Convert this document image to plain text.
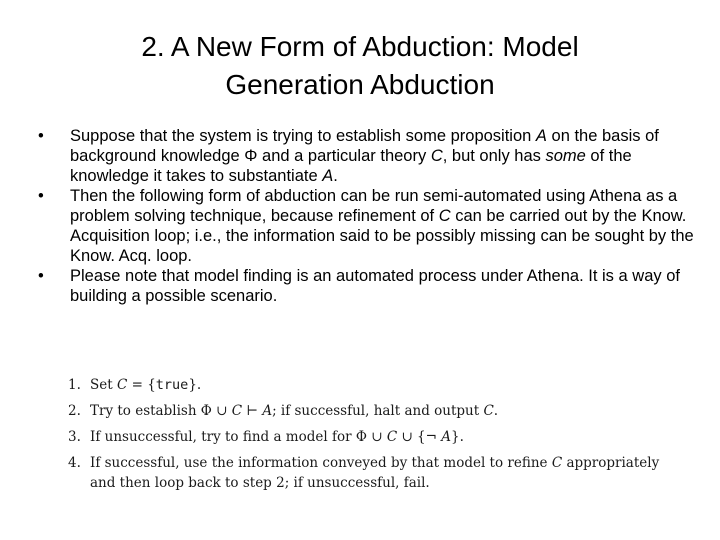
2. A New Form of Abduction: Model
Generation Abduction
•	Suppose that the system is trying to establish some proposition A on the basis of background knowledge Φ and a particular theory C, but only has some of the knowledge it takes to substantiate A.

•	Then the following form of abduction can be run semi-automated using Athena as a problem solving technique, because refinement of C can be carried out by the Know. Acquisition loop; i.e., the information said to be possibly missing can be sought by the Know. Acq. loop.

•	Please note that model finding is an automated process under Athena. It is a way of building a possible scenario.

1. Set C = {true}.

2. Try to establish Φ ∪ C ⊢ A; if successful, halt and output C.

3. If unsuccessful, try to find a model for Φ ∪ C ∪ {¬ A}.

4. If successful, use the information conveyed by that model to refine C appropriately and then loop back to step 2; if unsuccessful, fail.
